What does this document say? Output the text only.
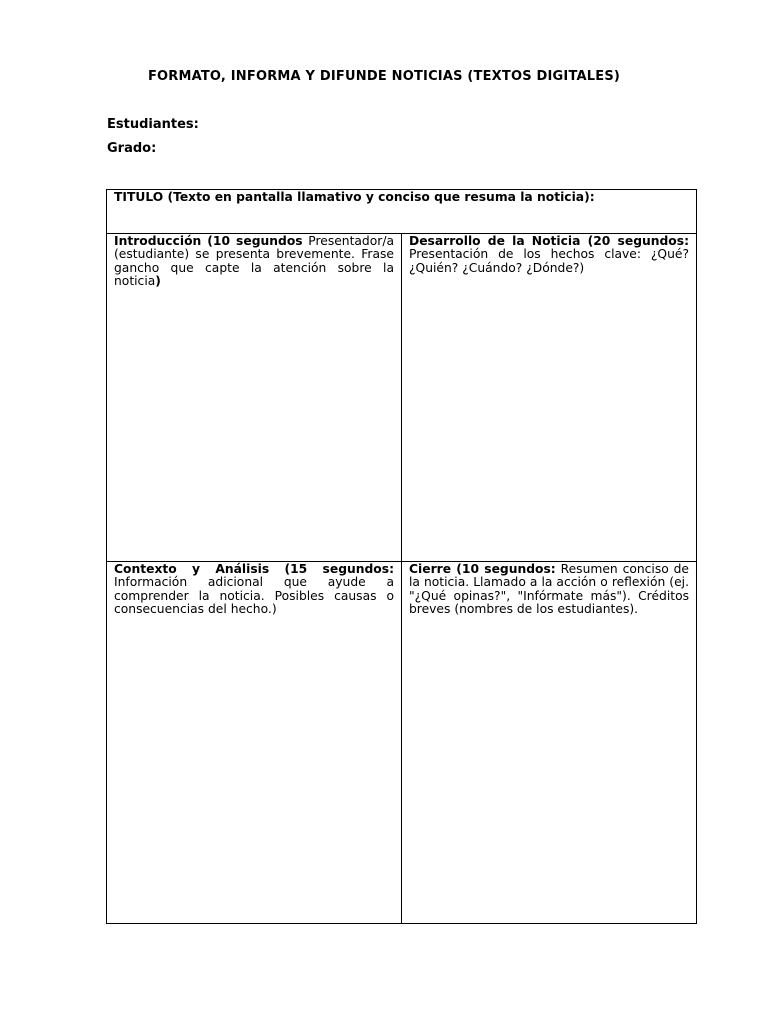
FORMATO, INFORMA Y DIFUNDE NOTICIAS (TEXTOS DIGITALES)
Estudiantes:
Grado:
TITULO (Texto en pantalla llamativo y conciso que resuma la noticia):	

Introducción (10 segundos Presentador/a (estudiante) se presenta brevemente. Frase gancho que capte la atención sobre la noticia)	Desarrollo de la Noticia (20 segundos: Presentación de los hechos clave: ¿Qué? ¿Quién? ¿Cuándo? ¿Dónde?)

Contexto y Análisis (15 segundos: Información adicional que ayude a comprender la noticia. Posibles causas o consecuencias del hecho.)	Cierre (10 segundos: Resumen conciso de la noticia. Llamado a la acción o reflexión (ej. "¿Qué opinas?", "Infórmate más"). Créditos breves (nombres de los estudiantes).
